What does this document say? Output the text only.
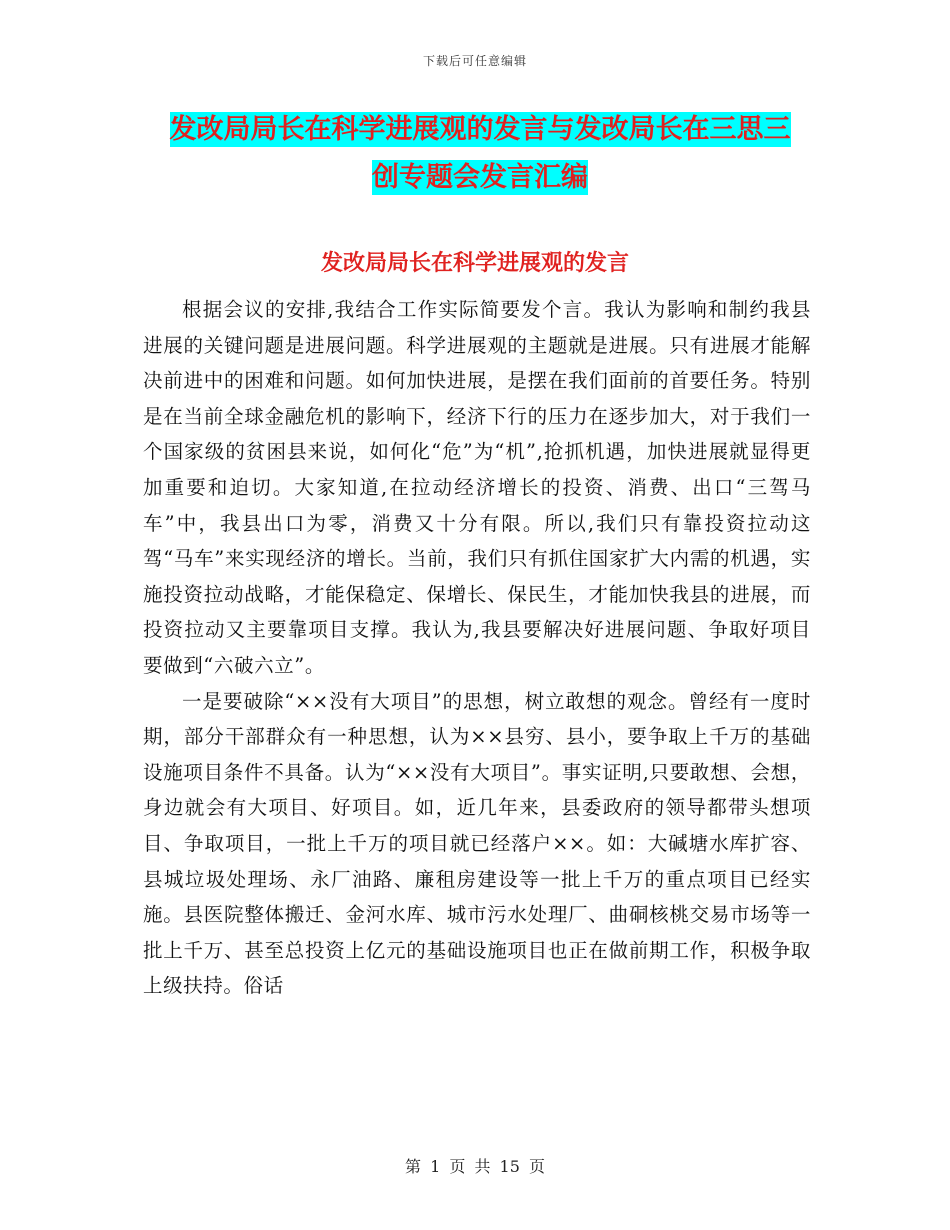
下载后可任意编辑
发改局局长在科学进展观的发言与发改局长在三思三
创专题会发言汇编
发改局局长在科学进展观的发言

根据会议的安排,我结合工作实际简要发个言。我认为影响和制约我县进展的关键问题是进展问题。科学进展观的主题就是进展。只有进展才能解决前进中的困难和问题。如何加快进展，是摆在我们面前的首要任务。特别是在当前全球金融危机的影响下，经济下行的压力在逐步加大，对于我们一个国家级的贫困县来说，如何化“危”为“机”,抢抓机遇，加快进展就显得更加重要和迫切。大家知道,在拉动经济增长的投资、消费、出口“三驾马车”中，我县出口为零，消费又十分有限。所以,我们只有靠投资拉动这驾“马车”来实现经济的增长。当前，我们只有抓住国家扩大内需的机遇，实施投资拉动战略，才能保稳定、保增长、保民生，才能加快我县的进展，而投资拉动又主要靠项目支撑。我认为,我县要解决好进展问题、争取好项目要做到“六破六立”。

一是要破除“××没有大项目”的思想，树立敢想的观念。曾经有一度时期，部分干部群众有一种思想，认为××县穷、县小，要争取上千万的基础设施项目条件不具备。认为“××没有大项目”。事实证明,只要敢想、会想，身边就会有大项目、好项目。如，近几年来，县委政府的领导都带头想项目、争取项目，一批上千万的项目就已经落户××。如：大碱塘水库扩容、县城垃圾处理场、永厂油路、廉租房建设等一批上千万的重点项目已经实施。县医院整体搬迁、金河水库、城市污水处理厂、曲硐核桃交易市场等一批上千万、甚至总投资上亿元的基础设施项目也正在做前期工作，积极争取上级扶持。俗话

第 1 页 共 15 页
